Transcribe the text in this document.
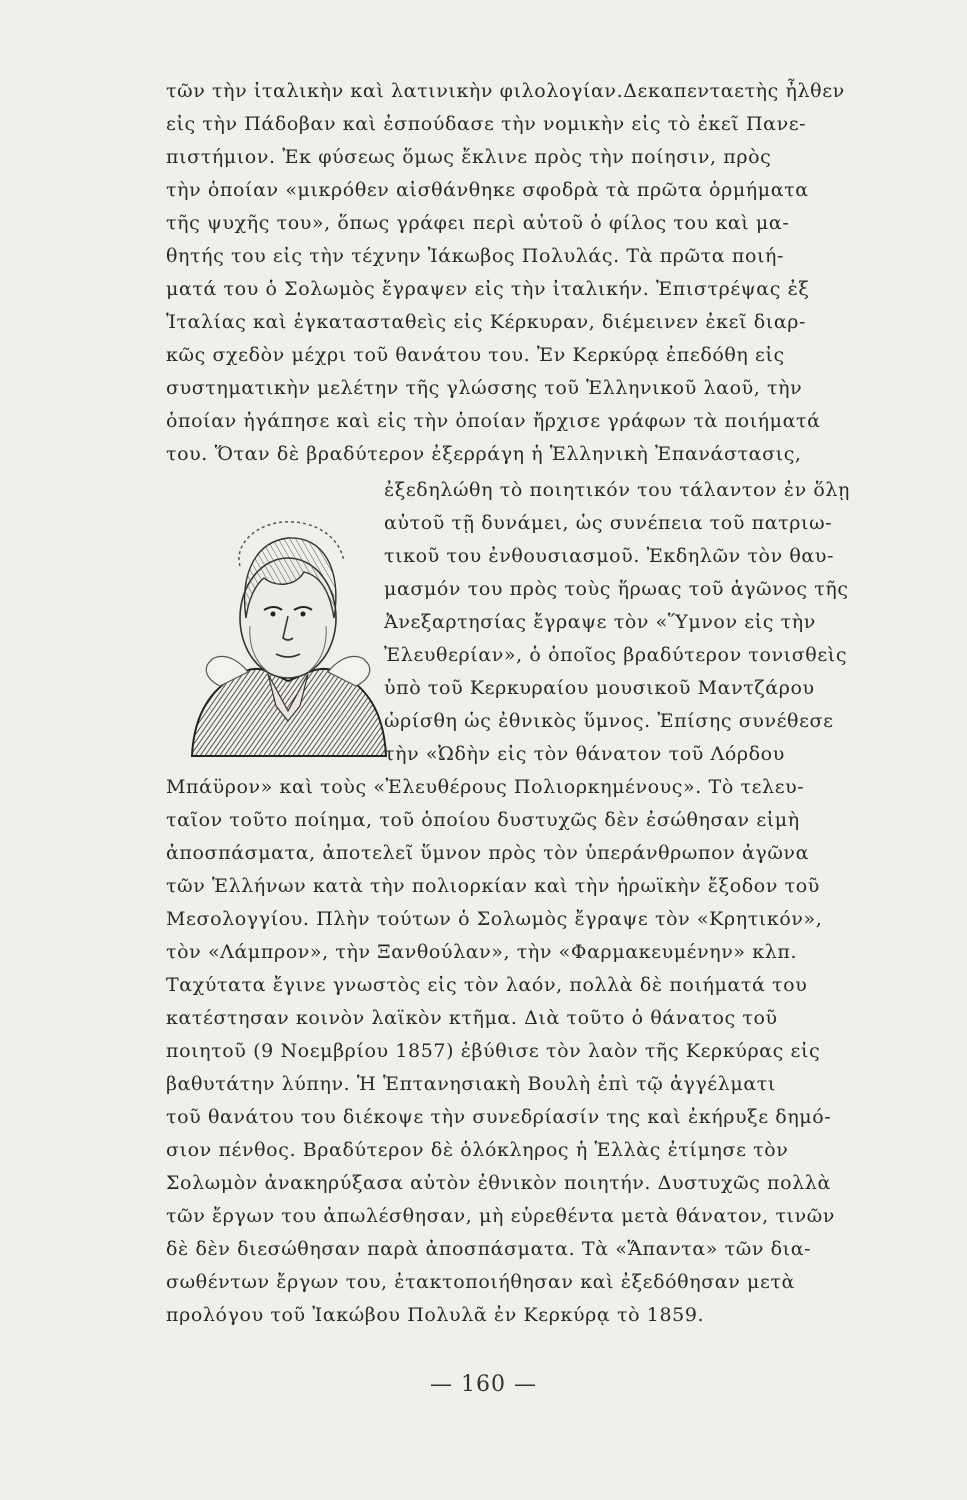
τῶν τὴν ἰταλικὴν καὶ λατινικὴν φιλολογίαν.Δεκαπενταετὴς ἦλθεν
εἰς τὴν Πάδοβαν καὶ ἐσπούδασε τὴν νομικὴν εἰς τὸ ἐκεῖ Πανε-
πιστήμιον. Ἐκ φύσεως ὅμως ἔκλινε πρὸς τὴν ποίησιν, πρὸς
τὴν ὁποίαν «μικρόθεν αἰσθάνθηκε σφοδρὰ τὰ πρῶτα ὁρμήματα
τῆς ψυχῆς του», ὅπως γράφει περὶ αὐτοῦ ὁ φίλος του καὶ μα-
θητής του εἰς τὴν τέχνην Ἰάκωβος Πολυλάς. Τὰ πρῶτα ποιή-
ματά του ὁ Σολωμὸς ἔγραψεν εἰς τὴν ἰταλικήν. Ἐπιστρέψας ἐξ
Ἰταλίας καὶ ἐγκατασταθεὶς εἰς Κέρκυραν, διέμεινεν ἐκεῖ διαρ-
κῶς σχεδὸν μέχρι τοῦ θανάτου του. Ἐν Κερκύρᾳ ἐπεδόθη εἰς
συστηματικὴν μελέτην τῆς γλώσσης τοῦ Ἑλληνικοῦ λαοῦ, τὴν
ὁποίαν ἠγάπησε καὶ εἰς τὴν ὁποίαν ἤρχισε γράφων τὰ ποιήματά
του. Ὅταν δὲ βραδύτερον ἐξερράγη ἡ Ἑλληνικὴ Ἐπανάστασις,
ἐξεδηλώθη τὸ ποιητικόν του τάλαντον ἐν ὅλῃ
αὐτοῦ τῇ δυνάμει, ὡς συνέπεια τοῦ πατριω-
τικοῦ του ἐνθουσιασμοῦ. Ἐκδηλῶν τὸν θαυ-
μασμόν του πρὸς τοὺς ἥρωας τοῦ ἀγῶνος τῆς
Ἀνεξαρτησίας ἔγραψε τὸν «Ὕμνον εἰς τὴν
Ἐλευθερίαν», ὁ ὁποῖος βραδύτερον τονισθεὶς
ὑπὸ τοῦ Κερκυραίου μουσικοῦ Μαντζάρου
ὡρίσθη ὡς ἐθνικὸς ὕμνος. Ἐπίσης συνέθεσε
τὴν «Ὠδὴν εἰς τὸν θάνατον τοῦ Λόρδου
Μπάϋρον» καὶ τοὺς «Ἐλευθέρους Πολιορκημένους». Τὸ τελευ-
ταῖον τοῦτο ποίημα, τοῦ ὁποίου δυστυχῶς δὲν ἐσώθησαν εἰμὴ
ἀποσπάσματα, ἀποτελεῖ ὕμνον πρὸς τὸν ὑπεράνθρωπον ἀγῶνα
τῶν Ἑλλήνων κατὰ τὴν πολιορκίαν καὶ τὴν ἡρωϊκὴν ἔξοδον τοῦ
Μεσολογγίου. Πλὴν τούτων ὁ Σολωμὸς ἔγραψε τὸν «Κρητικόν»,
τὸν «Λάμπρον», τὴν Ξανθούλαν», τὴν «Φαρμακευμένην» κλπ.
Ταχύτατα ἔγινε γνωστὸς εἰς τὸν λαόν, πολλὰ δὲ ποιήματά του
κατέστησαν κοινὸν λαϊκὸν κτῆμα. Διὰ τοῦτο ὁ θάνατος τοῦ
ποιητοῦ (9 Νοεμβρίου 1857) ἐβύθισε τὸν λαὸν τῆς Κερκύρας εἰς
βαθυτάτην λύπην. Ἡ Ἑπτανησιακὴ Βουλὴ ἐπὶ τῷ ἀγγέλματι
τοῦ θανάτου του διέκοψε τὴν συνεδρίασίν της καὶ ἐκήρυξε δημό-
σιον πένθος. Βραδύτερον δὲ ὁλόκληρος ἡ Ἑλλὰς ἐτίμησε τὸν
Σολωμὸν ἀνακηρύξασα αὐτὸν ἐθνικὸν ποιητήν. Δυστυχῶς πολλὰ
τῶν ἔργων του ἀπωλέσθησαν, μὴ εὑρεθέντα μετὰ θάνατον, τινῶν
δὲ δὲν διεσώθησαν παρὰ ἀποσπάσματα. Τὰ «Ἅπαντα» τῶν δια-
σωθέντων ἔργων του, ἐτακτοποιήθησαν καὶ ἐξεδόθησαν μετὰ
προλόγου τοῦ Ἰακώβου Πολυλᾶ ἐν Κερκύρᾳ τὸ 1859.
— 160 —
